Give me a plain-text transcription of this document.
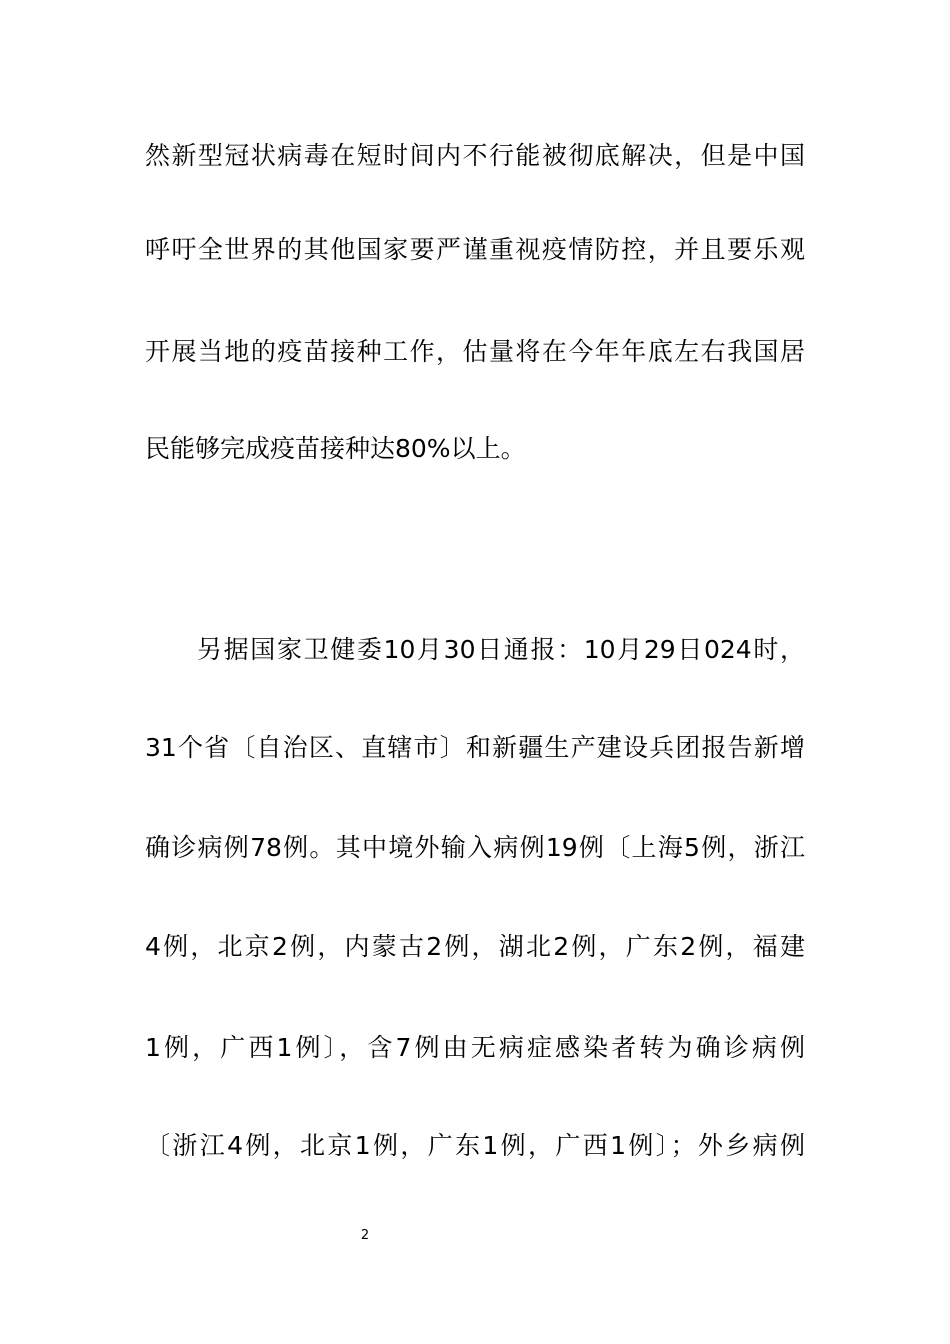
然新型冠状病毒在短时间内不行能被彻底解决，但是中国
呼吁全世界的其他国家要严谨重视疫情防控，并且要乐观
开展当地的疫苗接种工作，估量将在今年年底左右我国居
民能够完成疫苗接种达80%以上。
另据国家卫健委10月30日通报：10月29日024时，
31个省〔自治区、直辖市〕和新疆生产建设兵团报告新增
确诊病例78例。其中境外输入病例19例〔上海5例，浙江
4例，北京2例，内蒙古2例，湖北2例，广东2例，福建
1例，广西1例〕，含7例由无病症感染者转为确诊病例
〔浙江4例，北京1例，广东1例，广西1例〕；外乡病例
2
